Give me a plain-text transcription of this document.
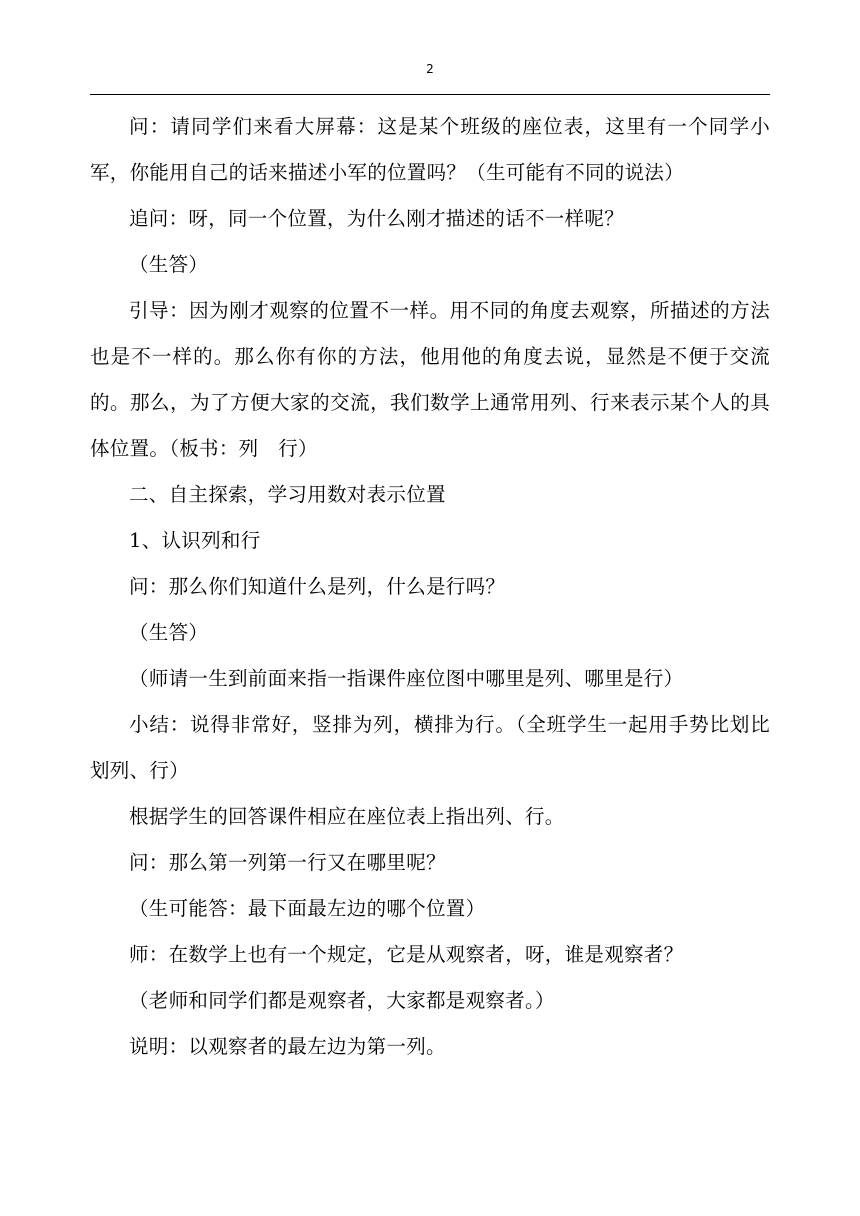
2

问：请同学们来看大屏幕：这是某个班级的座位表，这里有一个同学小军，你能用自己的话来描述小军的位置吗？（生可能有不同的说法）

追问：呀，同一个位置，为什么刚才描述的话不一样呢？

（生答）

引导：因为刚才观察的位置不一样。用不同的角度去观察，所描述的方法也是不一样的。那么你有你的方法，他用他的角度去说，显然是不便于交流的。那么，为了方便大家的交流，我们数学上通常用列、行来表示某个人的具体位置。（板书：列　行）

二、自主探索，学习用数对表示位置

1、认识列和行

问：那么你们知道什么是列，什么是行吗？

（生答）

（师请一生到前面来指一指课件座位图中哪里是列、哪里是行）

小结：说得非常好，竖排为列，横排为行。（全班学生一起用手势比划比划列、行）

根据学生的回答课件相应在座位表上指出列、行。

问：那么第一列第一行又在哪里呢？

（生可能答：最下面最左边的哪个位置）

师：在数学上也有一个规定，它是从观察者，呀，谁是观察者？

（老师和同学们都是观察者，大家都是观察者。）

说明：以观察者的最左边为第一列。
